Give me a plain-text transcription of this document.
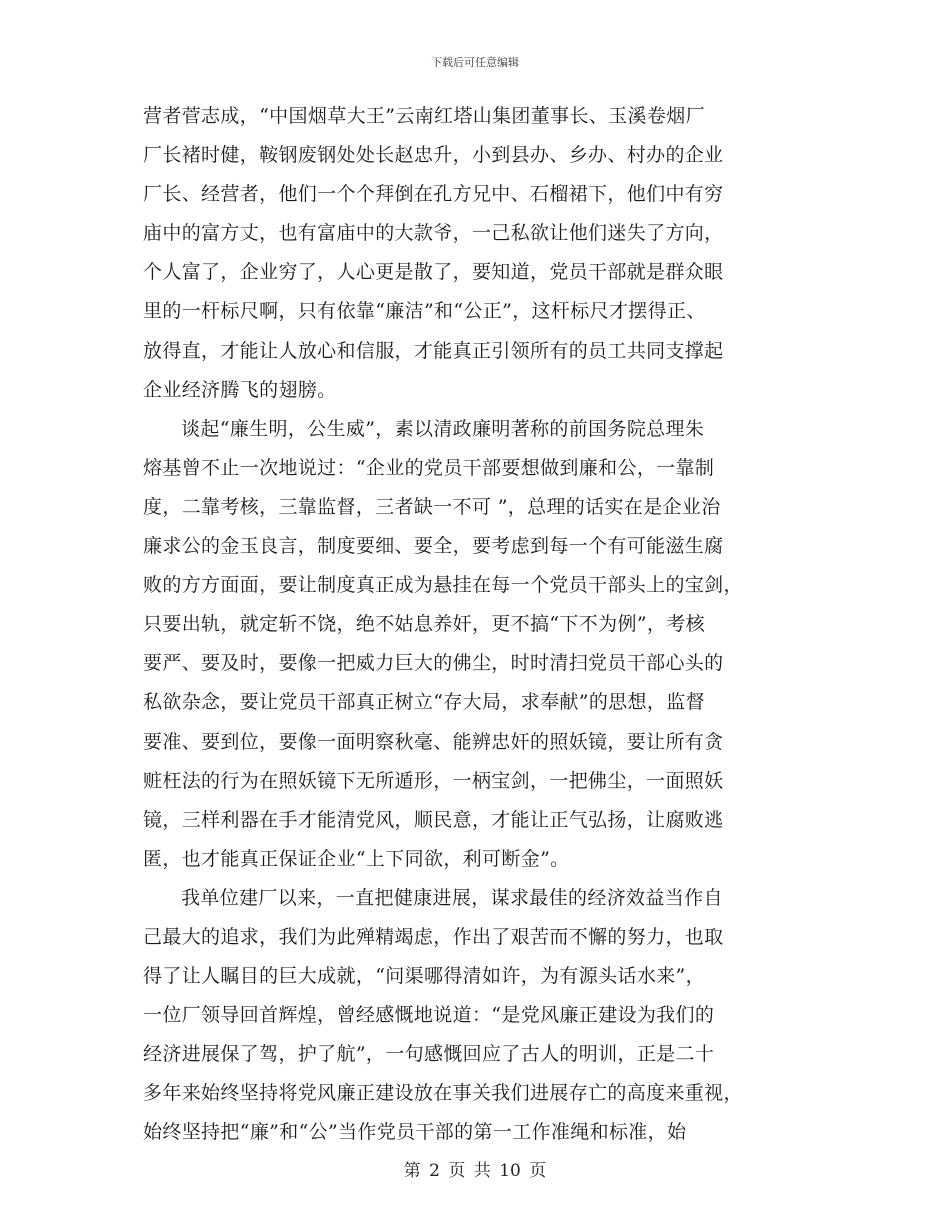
下载后可任意编辑
营者菅志成，“中国烟草大王”云南红塔山集团董事长、玉溪卷烟厂
厂长褚时健，鞍钢废钢处处长赵忠升，小到县办、乡办、村办的企业
厂长、经营者，他们一个个拜倒在孔方兄中、石榴裙下，他们中有穷
庙中的富方丈，也有富庙中的大款爷，一己私欲让他们迷失了方向，
个人富了，企业穷了，人心更是散了，要知道，党员干部就是群众眼
里的一杆标尺啊，只有依靠“廉洁”和“公正”，这杆标尺才摆得正、
放得直，才能让人放心和信服，才能真正引领所有的员工共同支撑起
企业经济腾飞的翅膀。
谈起“廉生明，公生威”，素以清政廉明著称的前国务院总理朱
熔基曾不止一次地说过：“企业的党员干部要想做到廉和公，一靠制
度，二靠考核，三靠监督，三者缺一不可 ”，总理的话实在是企业治
廉求公的金玉良言，制度要细、要全，要考虑到每一个有可能滋生腐
败的方方面面，要让制度真正成为悬挂在每一个党员干部头上的宝剑，
只要出轨，就定斩不饶，绝不姑息养奸，更不搞“下不为例”，考核
要严、要及时，要像一把威力巨大的佛尘，时时清扫党员干部心头的
私欲杂念，要让党员干部真正树立“存大局，求奉献”的思想，监督
要准、要到位，要像一面明察秋毫、能辨忠奸的照妖镜，要让所有贪
赃枉法的行为在照妖镜下无所遁形，一柄宝剑，一把佛尘，一面照妖
镜，三样利器在手才能清党风，顺民意，才能让正气弘扬，让腐败逃
匿，也才能真正保证企业“上下同欲，利可断金”。
我单位建厂以来，一直把健康进展，谋求最佳的经济效益当作自
己最大的追求，我们为此殚精竭虑，作出了艰苦而不懈的努力，也取
得了让人瞩目的巨大成就，“问渠哪得清如许，为有源头话水来”，
一位厂领导回首辉煌，曾经感慨地说道：“是党风廉正建设为我们的
经济进展保了驾，护了航”，一句感慨回应了古人的明训，正是二十
多年来始终坚持将党风廉正建设放在事关我们进展存亡的高度来重视，
始终坚持把“廉”和“公”当作党员干部的第一工作准绳和标准，始
第 2 页 共 10 页
